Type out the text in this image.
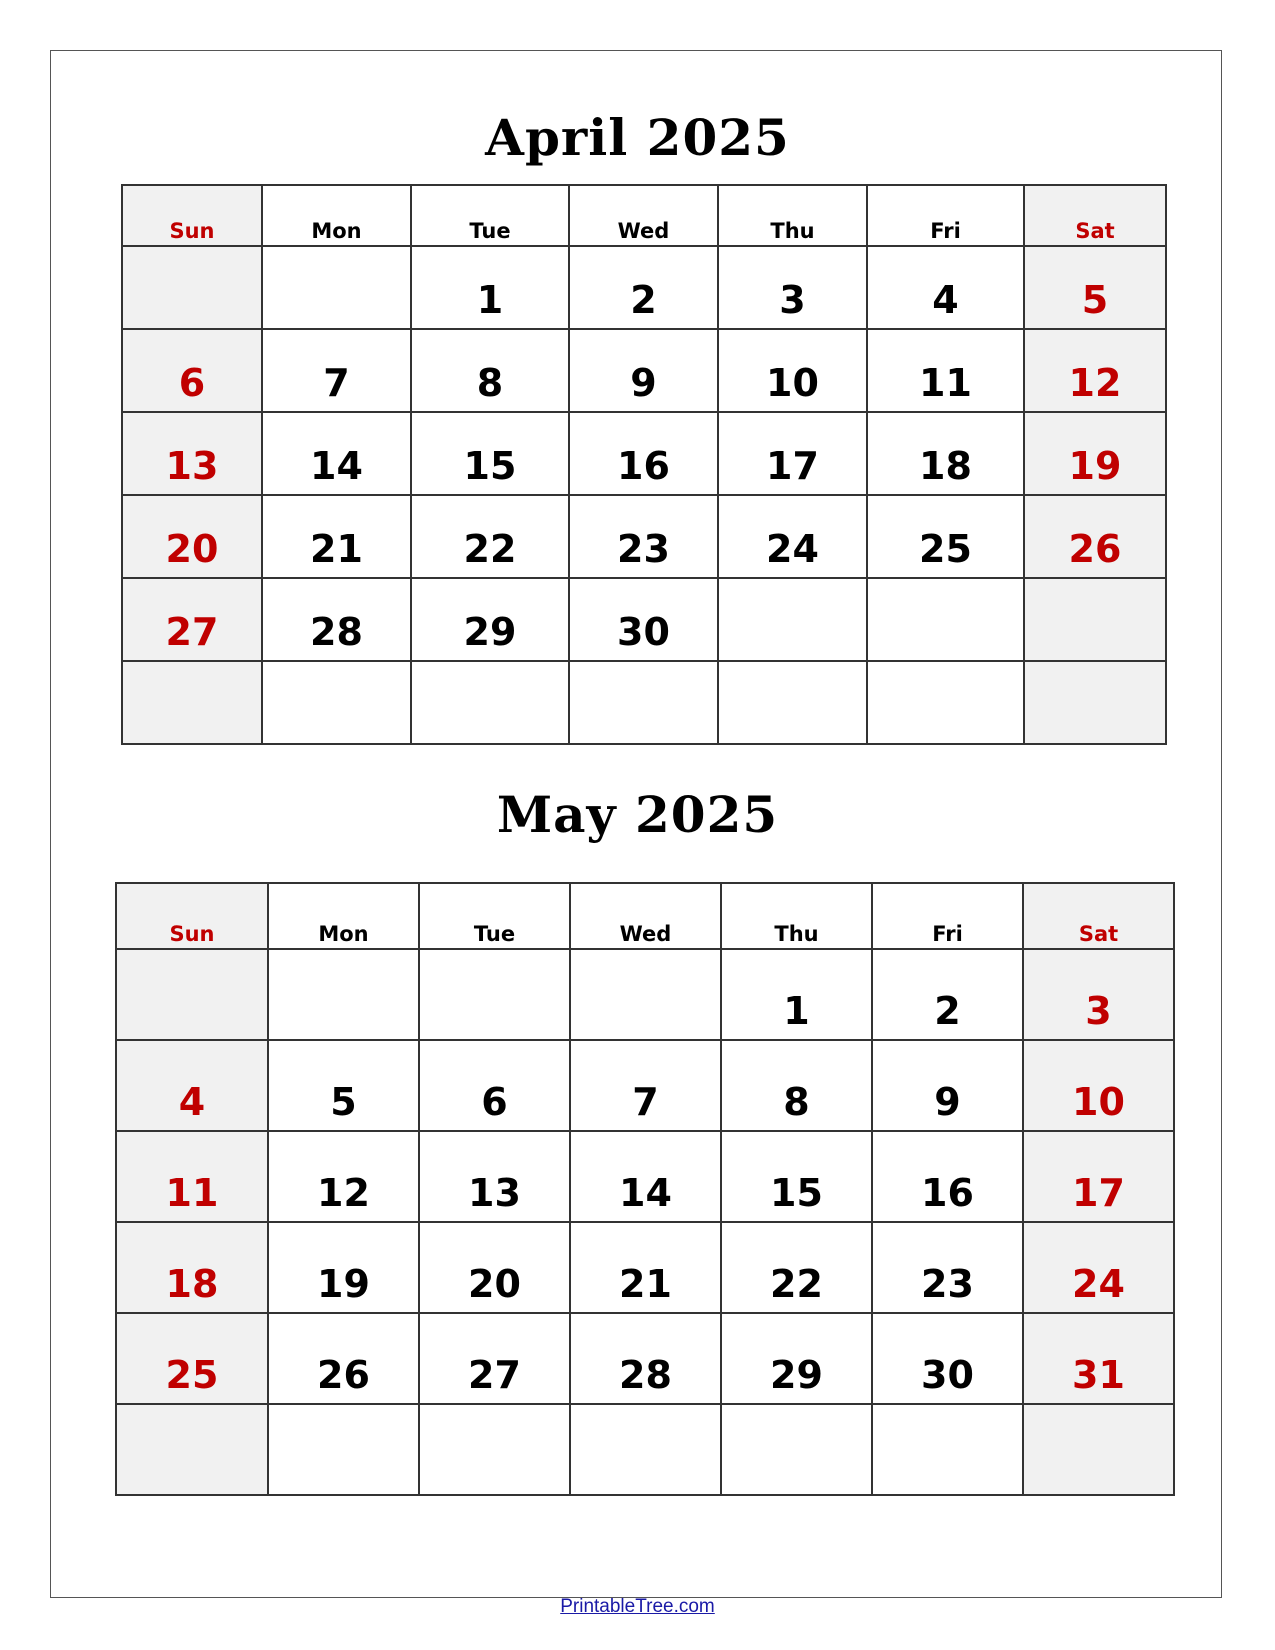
April 2025
Sun	Mon	Tue	Wed	Thu	Fri	Sat
		1	2	3	4	5
6	7	8	9	10	11	12
13	14	15	16	17	18	19
20	21	22	23	24	25	26
27	28	29	30			

May 2025
Sun	Mon	Tue	Wed	Thu	Fri	Sat
				1	2	3
4	5	6	7	8	9	10
11	12	13	14	15	16	17
18	19	20	21	22	23	24
25	26	27	28	29	30	31

PrintableTree.com
